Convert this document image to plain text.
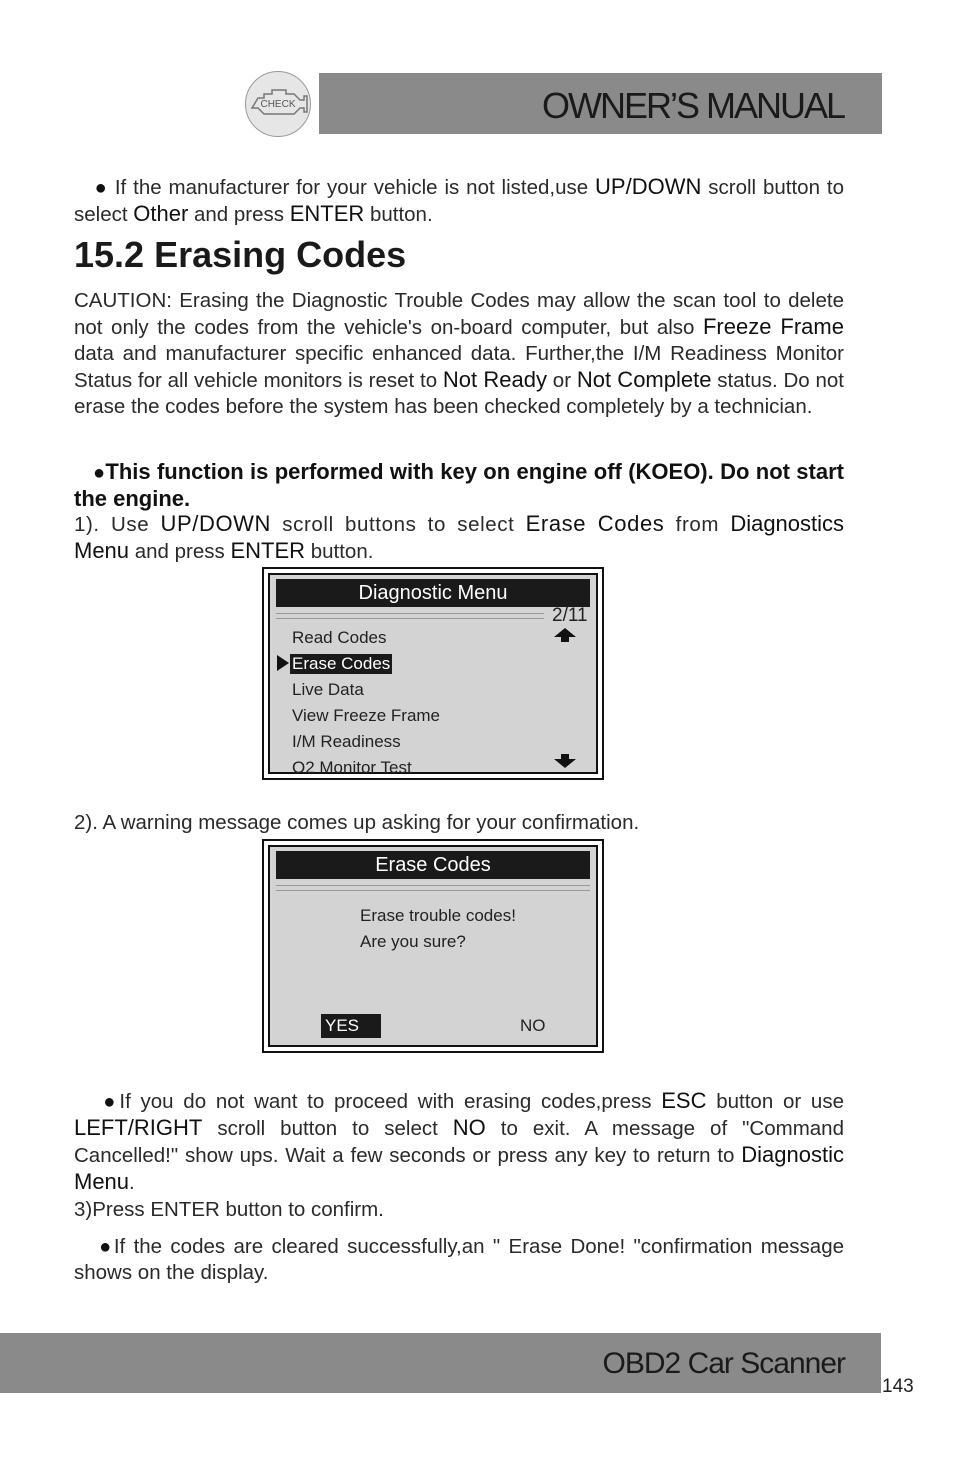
CHECK	OWNER’S MANUAL
● If the manufacturer for your vehicle is not listed,use UP/DOWN scroll button to select Other and press ENTER button.
15.2 Erasing Codes
CAUTION: Erasing the Diagnostic Trouble Codes may allow the scan tool to delete not only the codes from the vehicle's on-board computer, but also Freeze Frame data and manufacturer specific enhanced data. Further,the I/M Readiness Monitor Status for all vehicle monitors is reset to Not Ready or Not Complete status. Do not erase the codes before the system has been checked completely by a technician.
●This function is performed with key on engine off (KOEO). Do not start the engine.
1). Use UP/DOWN scroll buttons to select Erase Codes from Diagnostics Menu and press ENTER button.
Diagnostic Menu
2/11
Read Codes
Erase Codes
Live Data
View Freeze Frame
I/M Readiness
O2 Monitor Test
2). A warning message comes up asking for your confirmation.
Erase Codes
Erase trouble codes!
Are you sure?
YES	NO
●If you do not want to proceed with erasing codes,press ESC button or use LEFT/RIGHT scroll button to select NO to exit. A message of "Command Cancelled!" show ups. Wait a few seconds or press any key to return to Diagnostic Menu.
3)Press ENTER button to confirm.
●If the codes are cleared successfully,an " Erase Done! "confirmation message shows on the display.
OBD2 Car Scanner
143
